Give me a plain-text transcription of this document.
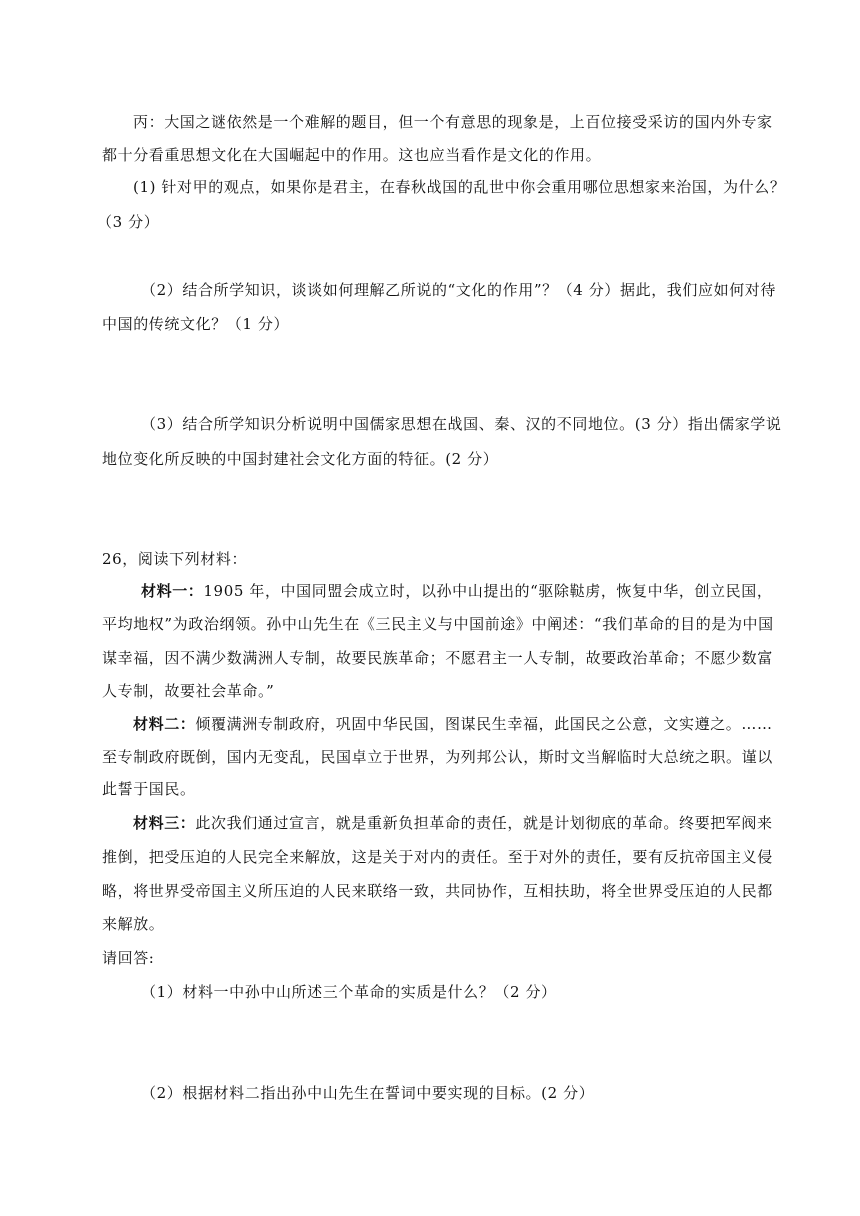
丙：大国之谜依然是一个难解的题目，但一个有意思的现象是，上百位接受采访的国内外专家
都十分看重思想文化在大国崛起中的作用。这也应当看作是文化的作用。
(1) 针对甲的观点，如果你是君主，在春秋战国的乱世中你会重用哪位思想家来治国，为什么？
（3 分）
（2）结合所学知识，谈谈如何理解乙所说的“文化的作用”？（4 分）据此，我们应如何对待
中国的传统文化？（1 分）
（3）结合所学知识分析说明中国儒家思想在战国、秦、汉的不同地位。(3 分）指出儒家学说
地位变化所反映的中国封建社会文化方面的特征。(2 分）
26，阅读下列材料：
材料一：1905 年，中国同盟会成立时，以孙中山提出的“驱除鞑虏，恢复中华，创立民国，
平均地权”为政治纲领。孙中山先生在《三民主义与中国前途》中阐述：“我们革命的目的是为中国
谋幸福，因不满少数满洲人专制，故要民族革命；不愿君主一人专制，故要政治革命；不愿少数富
人专制，故要社会革命。”
材料二：倾覆满洲专制政府，巩固中华民国，图谋民生幸福，此国民之公意，文实遵之。……
至专制政府既倒，国内无变乱，民国卓立于世界，为列邦公认，斯时文当解临时大总统之职。谨以
此誓于国民。
材料三：此次我们通过宣言，就是重新负担革命的责任，就是计划彻底的革命。终要把军阀来
推倒，把受压迫的人民完全来解放，这是关于对内的责任。至于对外的责任，要有反抗帝国主义侵
略，将世界受帝国主义所压迫的人民来联络一致，共同协作，互相扶助，将全世界受压迫的人民都
来解放。
请回答:
（1）材料一中孙中山所述三个革命的实质是什么？（2 分）
（2）根据材料二指出孙中山先生在誓词中要实现的目标。(2 分）
